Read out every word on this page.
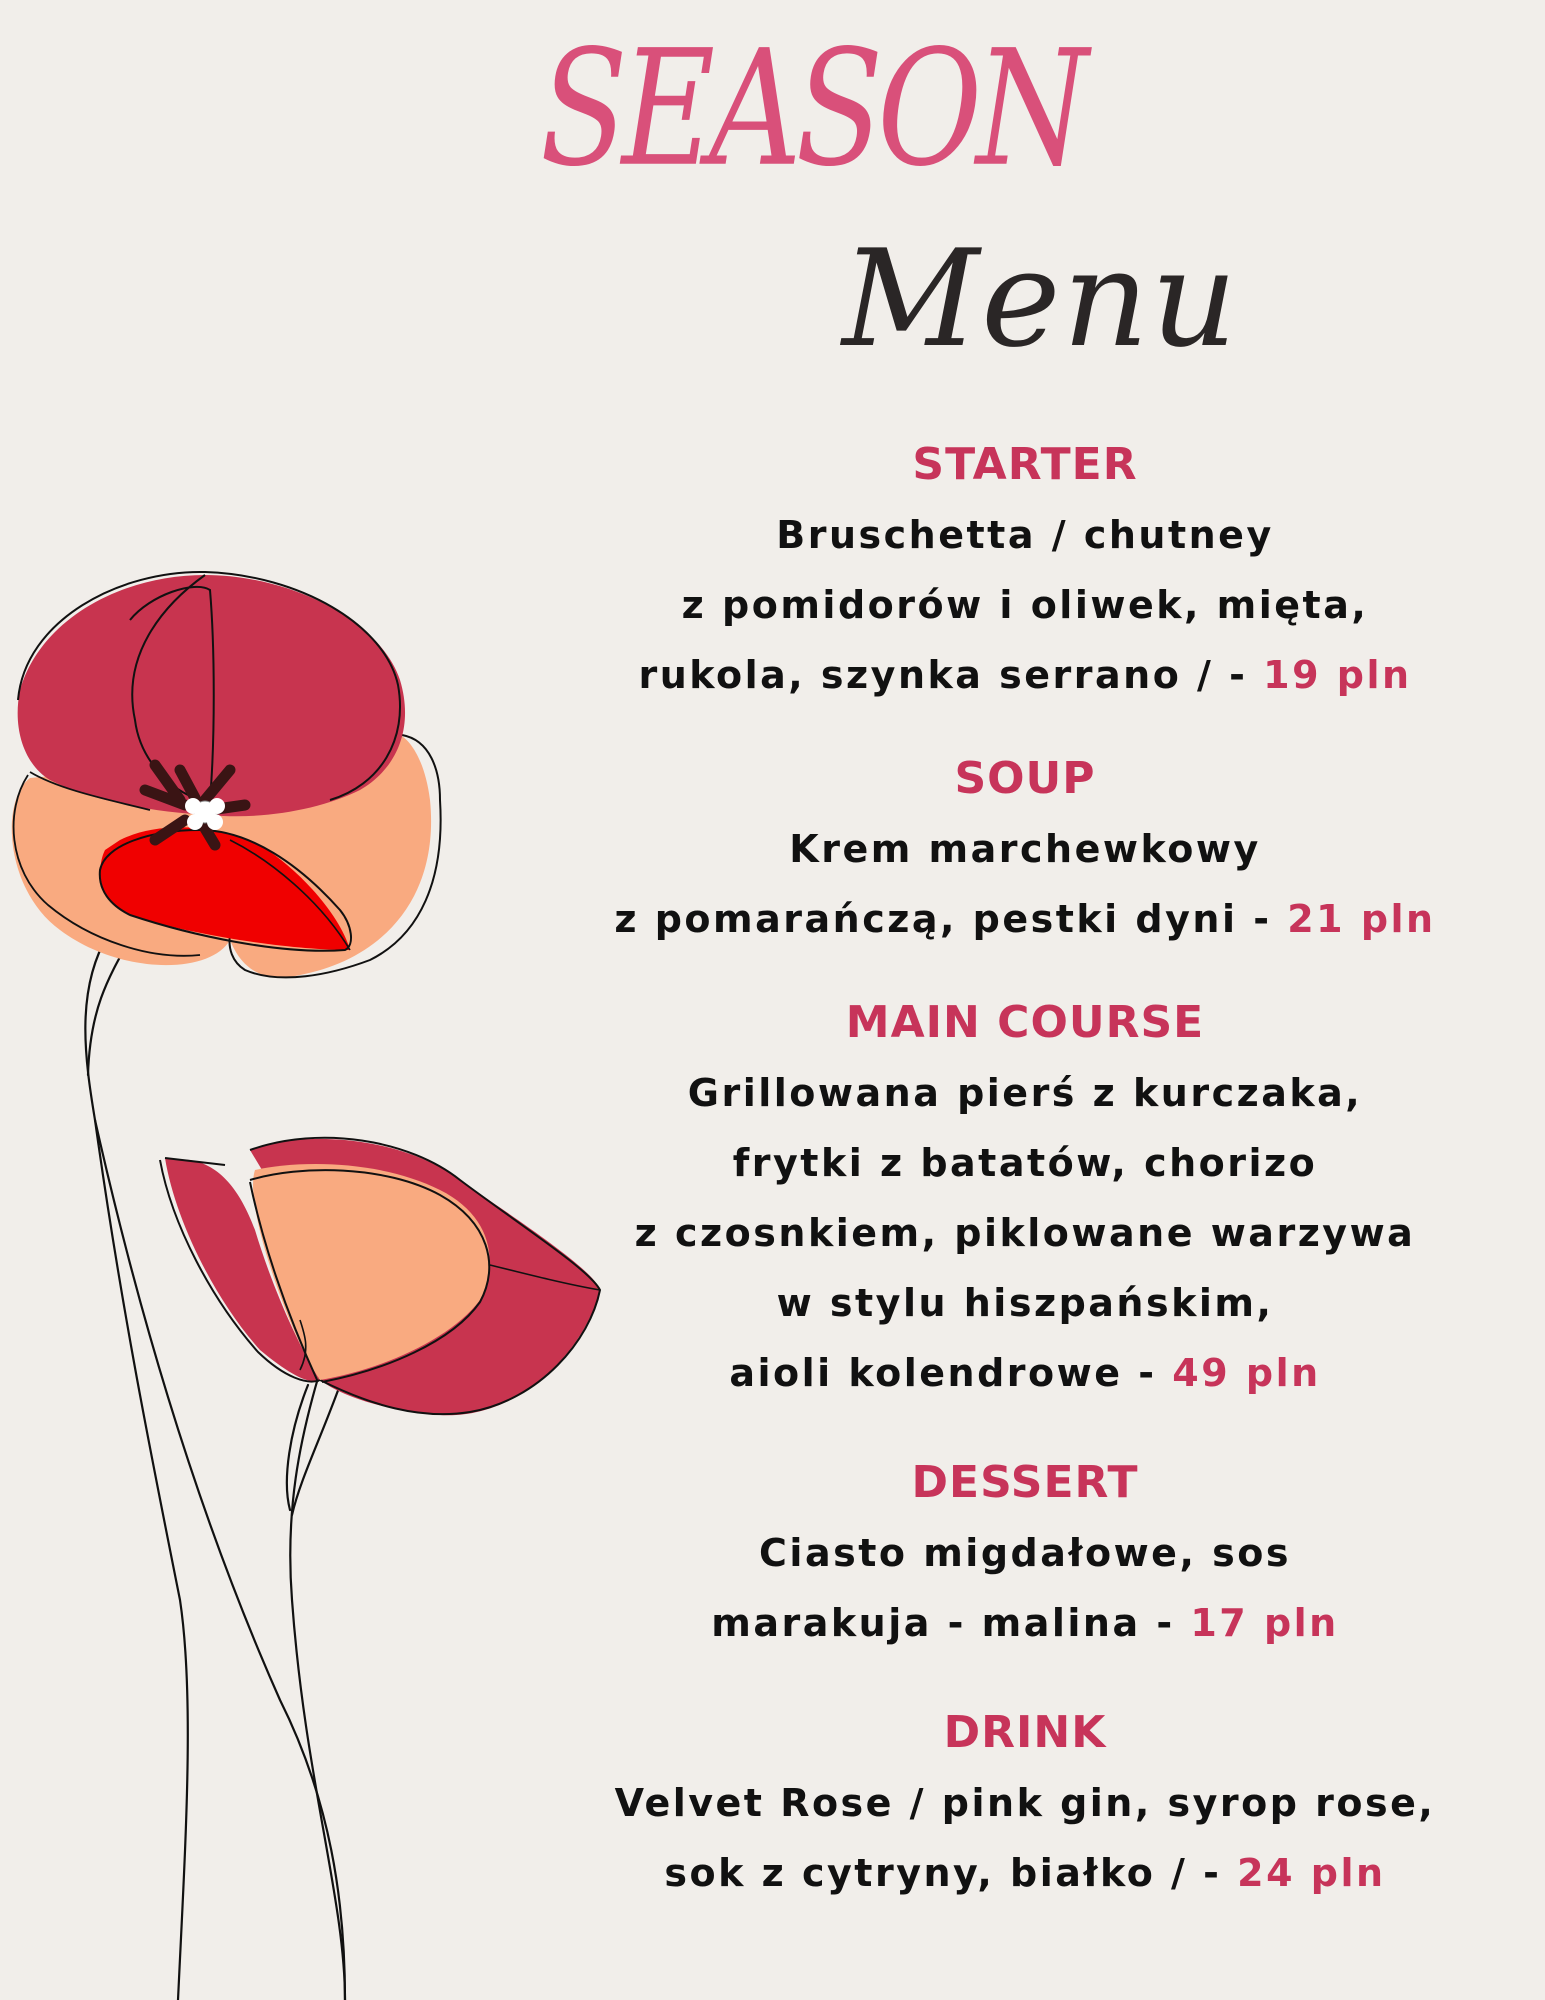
SEASON
Menu
STARTER
Bruschetta / chutney
z pomidorów i oliwek, mięta,
rukola, szynka serrano / - 19 pln
SOUP
Krem marchewkowy
z pomarańczą, pestki dyni - 21 pln
MAIN COURSE
Grillowana pierś z kurczaka,
frytki z batatów, chorizo
z czosnkiem, piklowane warzywa
w stylu hiszpańskim,
aioli kolendrowe - 49 pln
DESSERT
Ciasto migdałowe, sos
marakuja - malina - 17 pln
DRINK
Velvet Rose / pink gin, syrop rose,
sok z cytryny, białko / - 24 pln
